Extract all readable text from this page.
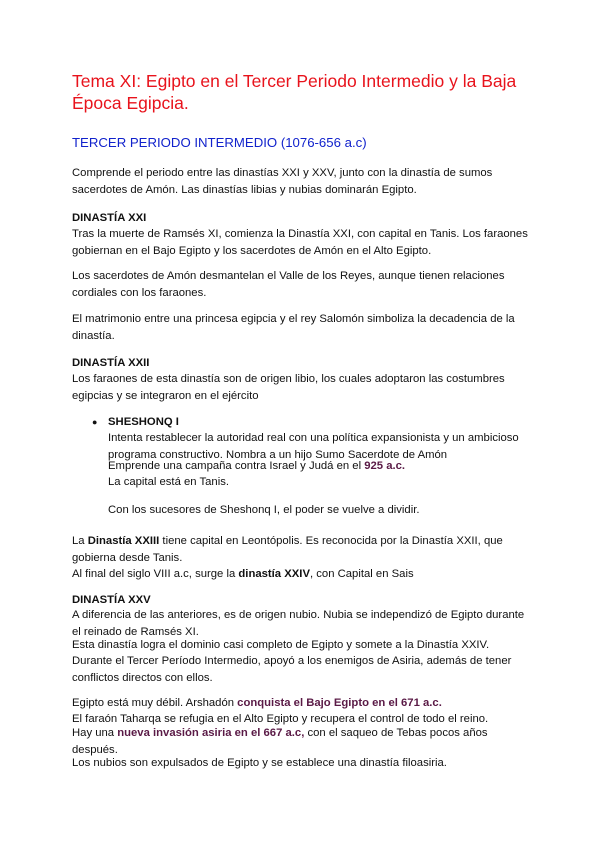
Tema XI: Egipto en el Tercer Periodo Intermedio y la Baja
Época Egipcia.
TERCER PERIODO INTERMEDIO (1076-656 a.c)

Comprende el periodo entre las dinastías XXI y XXV, junto con la dinastía de sumos sacerdotes de Amón. Las dinastías libias y nubias dominarán Egipto.

DINASTÍA XXI

Tras la muerte de Ramsés XI, comienza la Dinastía XXI, con capital en Tanis. Los faraones gobiernan en el Bajo Egipto y los sacerdotes de Amón en el Alto Egipto.

Los sacerdotes de Amón desmantelan el Valle de los Reyes, aunque tienen relaciones cordiales con los faraones.

El matrimonio entre una princesa egipcia y el rey Salomón simboliza la decadencia de la dinastía.

DINASTÍA XXII

Los faraones de esta dinastía son de origen libio, los cuales adoptaron las costumbres egipcias y se integraron en el ejército

● SHESHONQ I

Intenta restablecer la autoridad real con una política expansionista y un ambicioso programa constructivo. Nombra a un hijo Sumo Sacerdote de Amón

Emprende una campaña contra Israel y Judá en el 925 a.c.

La capital está en Tanis.

Con los sucesores de Sheshonq I, el poder se vuelve a dividir.

La Dinastía XXIII tiene capital en Leontópolis. Es reconocida por la Dinastía XXII, que gobierna desde Tanis.
Al final del siglo VIII a.c, surge la dinastía XXIV, con Capital en Sais

DINASTÍA XXV

A diferencia de las anteriores, es de origen nubio. Nubia se independizó de Egipto durante el reinado de Ramsés XI.

Esta dinastía logra el dominio casi completo de Egipto y somete a la Dinastía XXIV.

Durante el Tercer Período Intermedio, apoyó a los enemigos de Asiria, además de tener conflictos directos con ellos.

Egipto está muy débil. Arshadón conquista el Bajo Egipto en el 671 a.c.

El faraón Taharqa se refugia en el Alto Egipto y recupera el control de todo el reino.

Hay una nueva invasión asiria en el 667 a.c, con el saqueo de Tebas pocos años después.

Los nubios son expulsados de Egipto y se establece una dinastía filoasiria.
